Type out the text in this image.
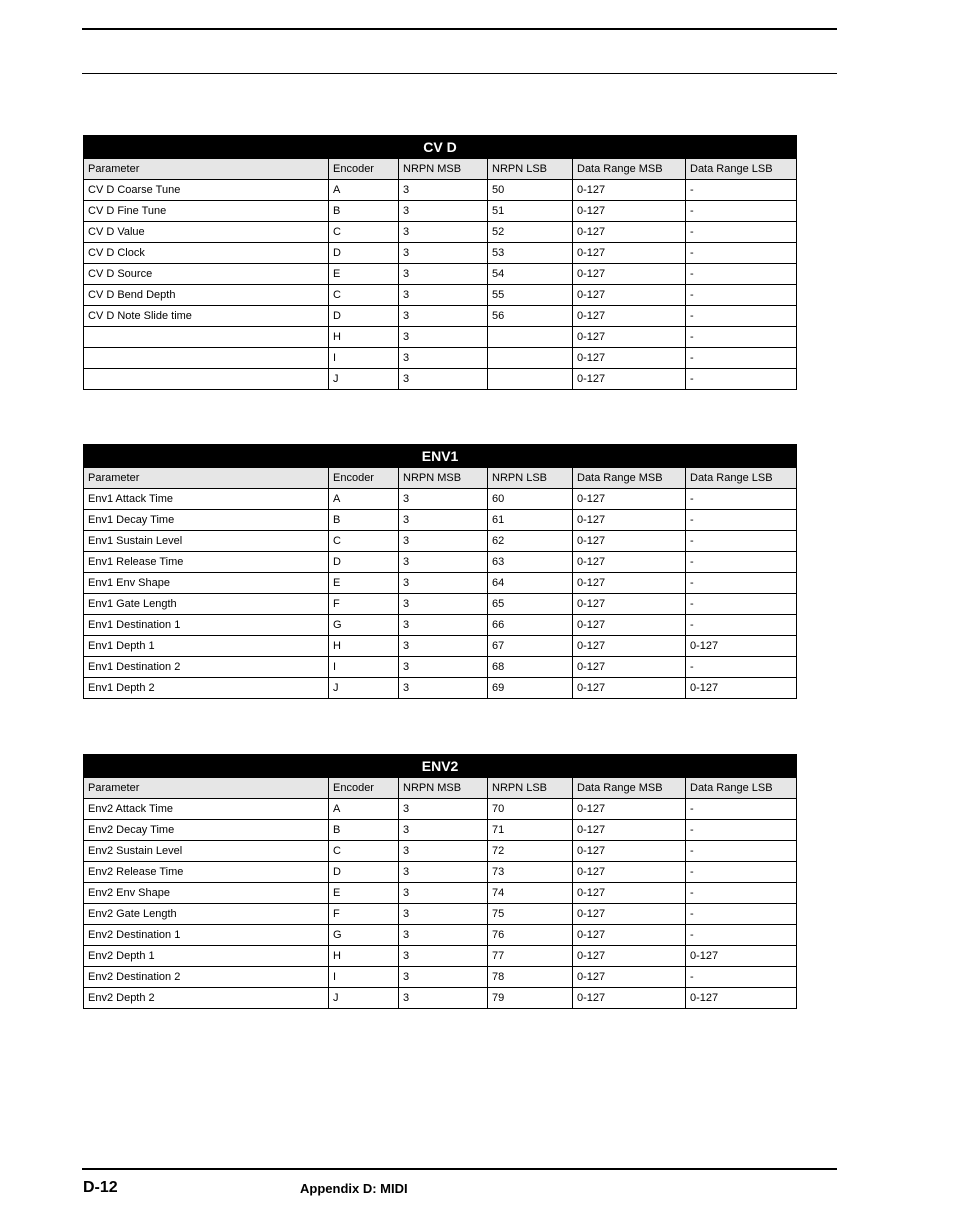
CV D					
Parameter	Encoder	NRPN MSB	NRPN LSB	Data Range MSB	Data Range LSB
CV D Coarse Tune	A	3	50	0-127	-
CV D Fine Tune	B	3	51	0-127	-
CV D Value	C	3	52	0-127	-
CV D Clock	D	3	53	0-127	-
CV D Source	E	3	54	0-127	-
CV D Bend Depth	C	3	55	0-127	-
CV D Note Slide time	D	3	56	0-127	-
	H	3		0-127	-
	I	3		0-127	-
	J	3		0-127	-
ENV1					
Parameter	Encoder	NRPN MSB	NRPN LSB	Data Range MSB	Data Range LSB
Env1 Attack Time	A	3	60	0-127	-
Env1 Decay Time	B	3	61	0-127	-
Env1 Sustain Level	C	3	62	0-127	-
Env1 Release Time	D	3	63	0-127	-
Env1 Env Shape	E	3	64	0-127	-
Env1 Gate Length	F	3	65	0-127	-
Env1 Destination 1	G	3	66	0-127	-
Env1 Depth 1	H	3	67	0-127	0-127
Env1 Destination 2	I	3	68	0-127	-
Env1 Depth 2	J	3	69	0-127	0-127
ENV2					
Parameter	Encoder	NRPN MSB	NRPN LSB	Data Range MSB	Data Range LSB
Env2 Attack Time	A	3	70	0-127	-
Env2 Decay Time	B	3	71	0-127	-
Env2 Sustain Level	C	3	72	0-127	-
Env2 Release Time	D	3	73	0-127	-
Env2 Env Shape	E	3	74	0-127	-
Env2 Gate Length	F	3	75	0-127	-
Env2 Destination 1	G	3	76	0-127	-
Env2 Depth 1	H	3	77	0-127	0-127
Env2 Destination 2	I	3	78	0-127	-
Env2 Depth 2	J	3	79	0-127	0-127
D-12	Appendix D: MIDI
